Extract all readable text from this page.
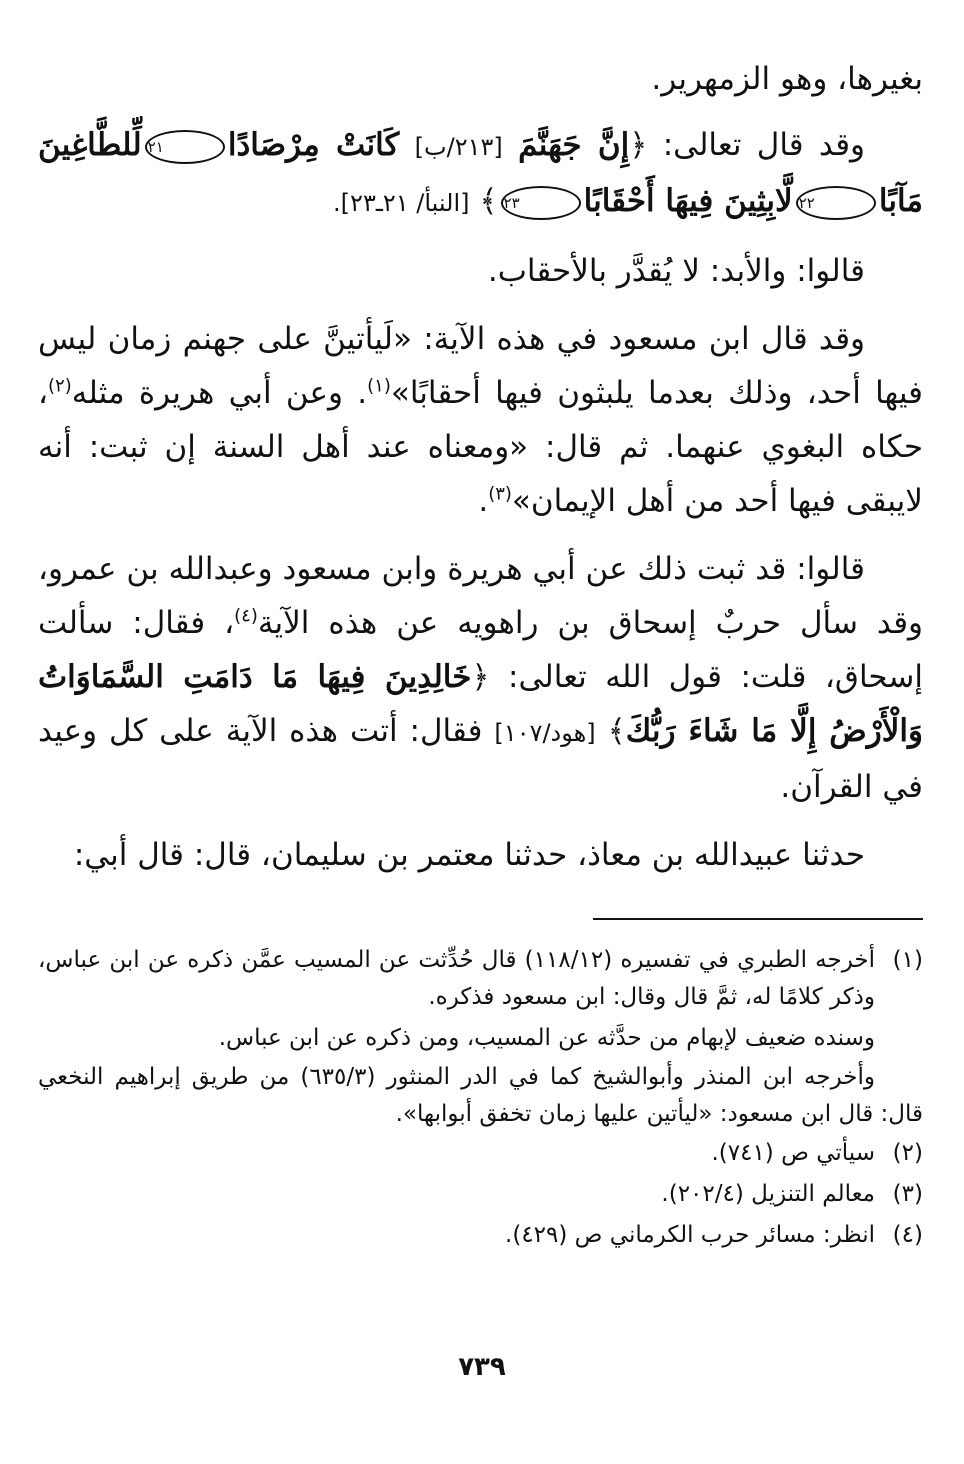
بغيرها، وهو الزمهرير.

وقد قال تعالى: ﴿إِنَّ جَهَنَّمَ [٢١٣/ب] كَانَتْ مِرْصَادًا٢١لِّلطَّاغِينَ مَآبًا٢٢لَّابِثِينَ فِيهَا أَحْقَابًا٢٣﴾ [النبأ/ ٢١ـ٢٣].

قالوا: والأبد: لا يُقدَّر بالأحقاب.

وقد قال ابن مسعود في هذه الآية: «لَيأتينَّ على جهنم زمان ليس فيها أحد، وذلك بعدما يلبثون فيها أحقابًا»$^{(١)}$. وعن أبي هريرة مثله$^{(٢)}$، حكاه البغوي عنهما. ثم قال: «ومعناه عند أهل السنة إن ثبت: أنه لايبقى فيها أحد من أهل الإيمان»$^{(٣)}$.

قالوا: قد ثبت ذلك عن أبي هريرة وابن مسعود وعبدالله بن عمرو، وقد سأل حربٌ إسحاق بن راهويه عن هذه الآية$^{(٤)}$، فقال: سألت إسحاق، قلت: قول الله تعالى: ﴿خَالِدِينَ فِيهَا مَا دَامَتِ السَّمَاوَاتُ وَالْأَرْضُ إِلَّا مَا شَاءَ رَبُّكَ﴾ [هود/١٠٧] فقال: أتت هذه الآية على كل وعيد في القرآن.

حدثنا عبيدالله بن معاذ، حدثنا معتمر بن سليمان، قال: قال أبي:

(١)
أخرجه الطبري في تفسيره (١١٨/١٢) قال حُدِّثت عن المسيب عمَّن ذكره عن ابن عباس، وذكر كلامًا له، ثمَّ قال وقال: ابن مسعود فذكره.
وسنده ضعيف لإبهام من حدَّثه عن المسيب، ومن ذكره عن ابن عباس.
وأخرجه ابن المنذر وأبوالشيخ كما في الدر المنثور (٦٣٥/٣) من طريق إبراهيم النخعي قال: قال ابن مسعود: «ليأتين عليها زمان تخفق أبوابها».
(٢)
سيأتي ص (٧٤١).
(٣)
معالم التنزيل (٢٠٢/٤).
(٤)
انظر: مسائر حرب الكرماني ص (٤٢٩).
٧٣٩
